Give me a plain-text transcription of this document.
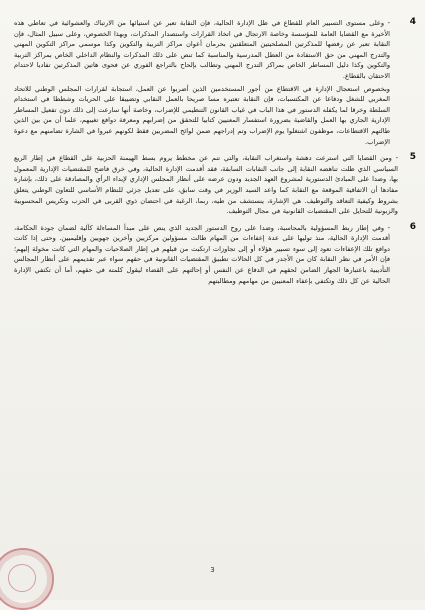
4

- وعلى مستوى التسيير العام للقطاع في ظل الإدارة الحالية، فإن النقابة تعبر عن استيائها من الارتباك والعشوائية في تعاطي هذه الأخيرة مع القضايا العامة للمؤسسة وخاصة الارتجال في اتخاذ القرارات واستصدار المذكرات، وبهذا الخصوص، وعلى سبيل المثال، فإن النقابة تعبر عن رفضها للمذكرتين المصلحيتين المتعلقتين بحرمان أعوان مراكز التربية والتكوين وكذا موسمي مراكز التكوين المهني والتدرج المهني من حق الاستفادة من العطل المدرسية والمناسبة كما تنص على ذلك المذكرات والنظام الداخلي الخاص بمراكز التربية والتكوين وكذا دليل المساطر الخاص بمراكز التدرج المهني وتطالب بإلحاح بالتراجع الفوري عن فحوى هاتين المذكرتين تفاديا لاحتدام الاحتقان بالقطاع.

وبخصوص استعجال الإدارة في الاقتطاع من أجور المستخدمين الذين أضربوا عن العمل، استجابة لقرارات المجلس الوطني للاتحاد المغربي للشغل ودفاعا عن المكتسبات، فإن النقابة تعتبره مسا صريحا بالعمل النقابي وتضييقا على الحريات وشططا في استخدام السلطة وخرقا لما يكفله الدستور في هذا الباب في غياب القانون التنظيمي للإضراب، وخاصة أنها سارعت إلى ذلك دون تفعيل المساطر الإدارية الجاري بها العمل والقاضية بضرورة استفسار المعنيين كتابيا للتحقق من إضرابهم ومعرفة دوافع تغيبهم، علما أن من بين الذين طالتهم الاقتطاعات، موظفون اشتغلوا يوم الإضراب وتم إدراجهم ضمن لوائح المضربين فقط لكونهم عبروا في الشارة تضامنهم مع دعوة الإضراب.

5

- ومن القضايا التي استرعت دهشة واستغراب النقابة، والتي تنم عن مخطط يروم بسط الهيمنة الحزبية على القطاع في إطار الريع السياسي الذي ظلت تناهضه النقابة إلى جانب النقابات السابقة، فقد أقدمت الإدارة الحالية، وفي خرق فاضح للمقتضيات الإدارية المعمول بها، وضدا على المبادئ الدستورية لمشروع العهد الجديد ودون عرضه على أنظار المجلس الإداري لإبداء الرأي والمصادقة على ذلك، بإشارة مفادها أن الاتفاقية الموقعة مع النقابة كما واعد السيد الوزير في وقت سابق، على تعديل جزئي للنظام الأساسي للتعاون الوطني يتعلق بشروط وكيفية التعاقد والتوظيف. هي الإشارة، ينستشف من طيه، ربما، الرغبة في احتضان ذوي القربى في الحزب وتكريس المحسوبية والزبونية للتحايل على المقتضيات القانونية في مجال التوظيف.

6

- وفي إطار ربط المسؤولية بالمحاسبة، وضدا على روح الدستور الجديد الذي ينص على مبدأ المساءلة كآلية لضمان جودة الحكامة، أقدمت الإدارة الحالية، منذ توليها على عدة إعفاءات من المهام طالت مسؤولين مركزيين وآخرين جهويين وإقليميين. وحتى إذا كانت دوافع تلك الإعفاءات تعود إلى سوء تسيير هؤلاء أو إلى تجاوزات ارتكبت من قبلهم في إطار الصلاحيات والمهام التي كانت مخولة إليهم؛ فإن الأمر في نظر النقابة كان من الأجدر في كل الحالات تطبيق المقتضيات القانونية في حقهم سواء عبر تقديمهم على أنظار المجالس التأديبية باعتبارها الجهاز الضامن لحقهم في الدفاع عن النفس أو إحالتهم على القضاء ليقول كلمته في حقهم، أما أن تكتفي الإدارة الحالية عن كل ذلك وتكتفي بإعفاء المعنيين من مهامهم ومطالبتهم

3
